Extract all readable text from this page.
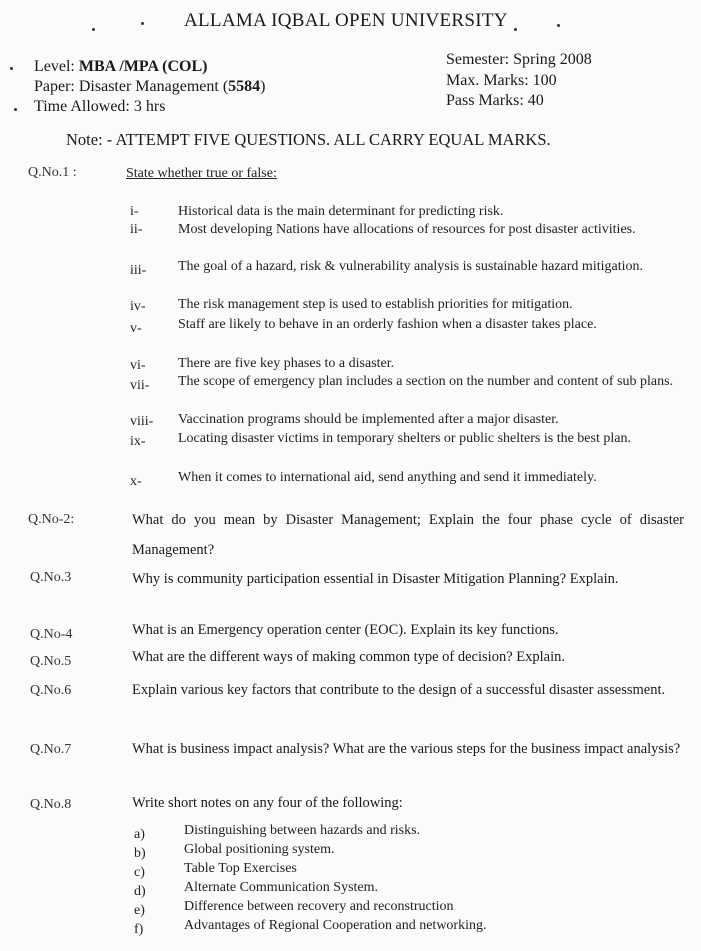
ALLAMA IQBAL OPEN UNIVERSITY
Level: MBA /MPA (COL)
Paper: Disaster Management (5584)
Time Allowed: 3 hrs
Semester: Spring 2008
Max. Marks: 100
Pass Marks: 40
Note: - ATTEMPT FIVE QUESTIONS. ALL CARRY EQUAL MARKS.
Q.No.1 :	State whether true or false:
i-	Historical data is the main determinant for predicting risk.
ii-	Most developing Nations have allocations of resources for post disaster activities.
iii- The goal of a hazard, risk & vulnerability analysis is sustainable hazard mitigation.
iv- The risk management step is used to establish priorities for mitigation.
v-	Staff are likely to behave in an orderly fashion when a disaster takes place.
vi- There are five key phases to a disaster.
vii- The scope of emergency plan includes a section on the number and content of sub plans.
viii- Vaccination programs should be implemented after a major disaster.
ix- Locating disaster victims in temporary shelters or public shelters is the best plan.
x-	When it comes to international aid, send anything and send it immediately.
Q.No-2:	What do you mean by Disaster Management; Explain the four phase cycle of disaster Management?
Q.No.3	Why is community participation essential in Disaster Mitigation Planning? Explain.
Q.No-4	What is an Emergency operation center (EOC). Explain its key functions.
Q.No.5	What are the different ways of making common type of decision? Explain.
Q.No.6	Explain various key factors that contribute to the design of a successful disaster assessment.
Q.No.7	What is business impact analysis? What are the various steps for the business impact analysis?
Q.No.8	Write short notes on any four of the following:
a)	Distinguishing between hazards and risks.
b)	Global positioning system.
c)	Table Top Exercises
d)	Alternate Communication System.
e)	Difference between recovery and reconstruction
f)	Advantages of Regional Cooperation and networking.
